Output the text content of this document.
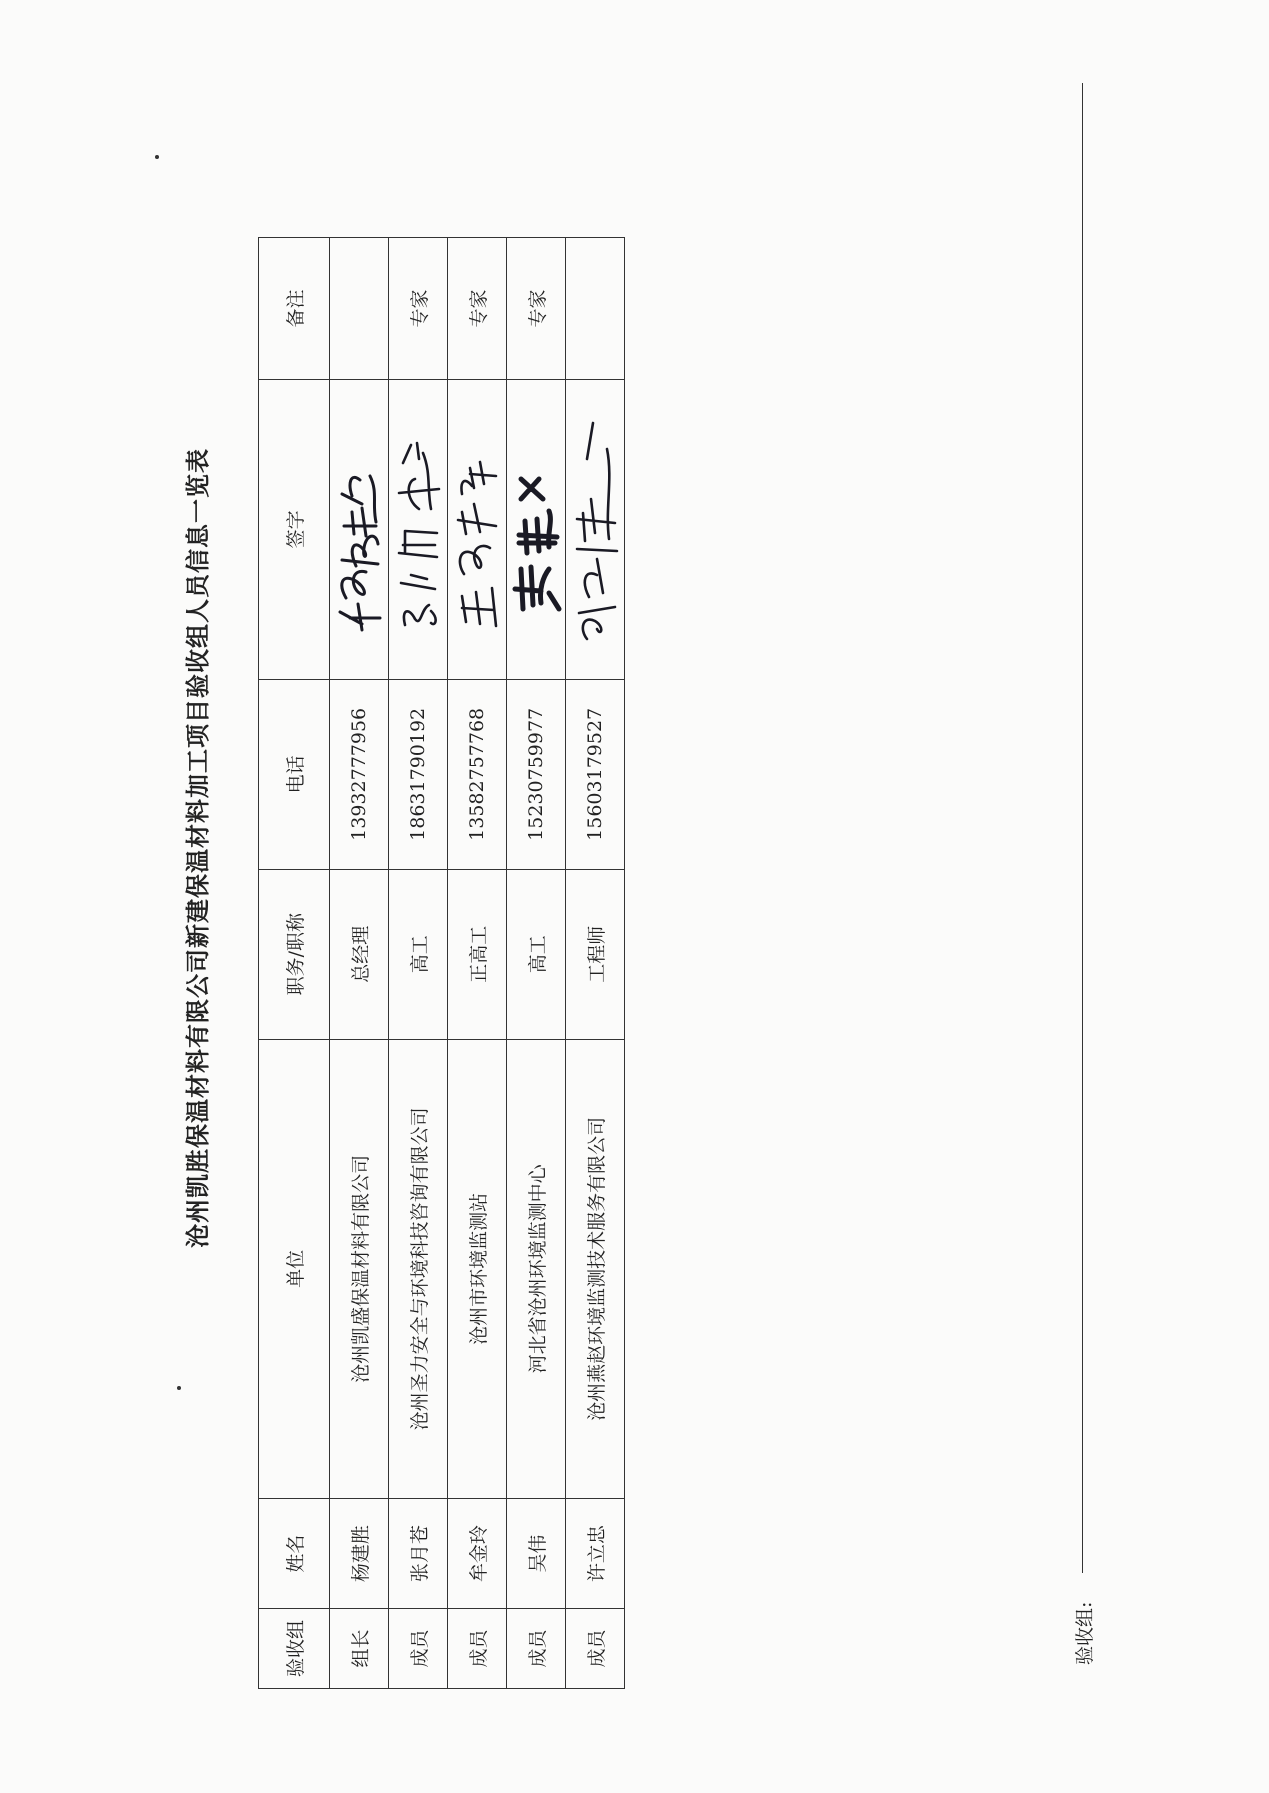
沧州凯胜保温材料有限公司新建保温材料加工项目验收组人员信息一览表
验收组	姓名	单位	职务/职称	电话	签字	备注
组长	杨建胜	沧州凯盛保温材料有限公司	总经理	13932777956	

成员	张月苍	沧州圣力安全与环境科技咨询有限公司	高工	18631790192		专家
成员	牟金玲	沧州市环境监测站	正高工	13582757768		专家
成员	吴伟	河北省沧州环境监测中心	高工	15230759977		专家
成员	许立忠	沧州燕赵环境监测技术服务有限公司	工程师	15603179527	

验收组:
